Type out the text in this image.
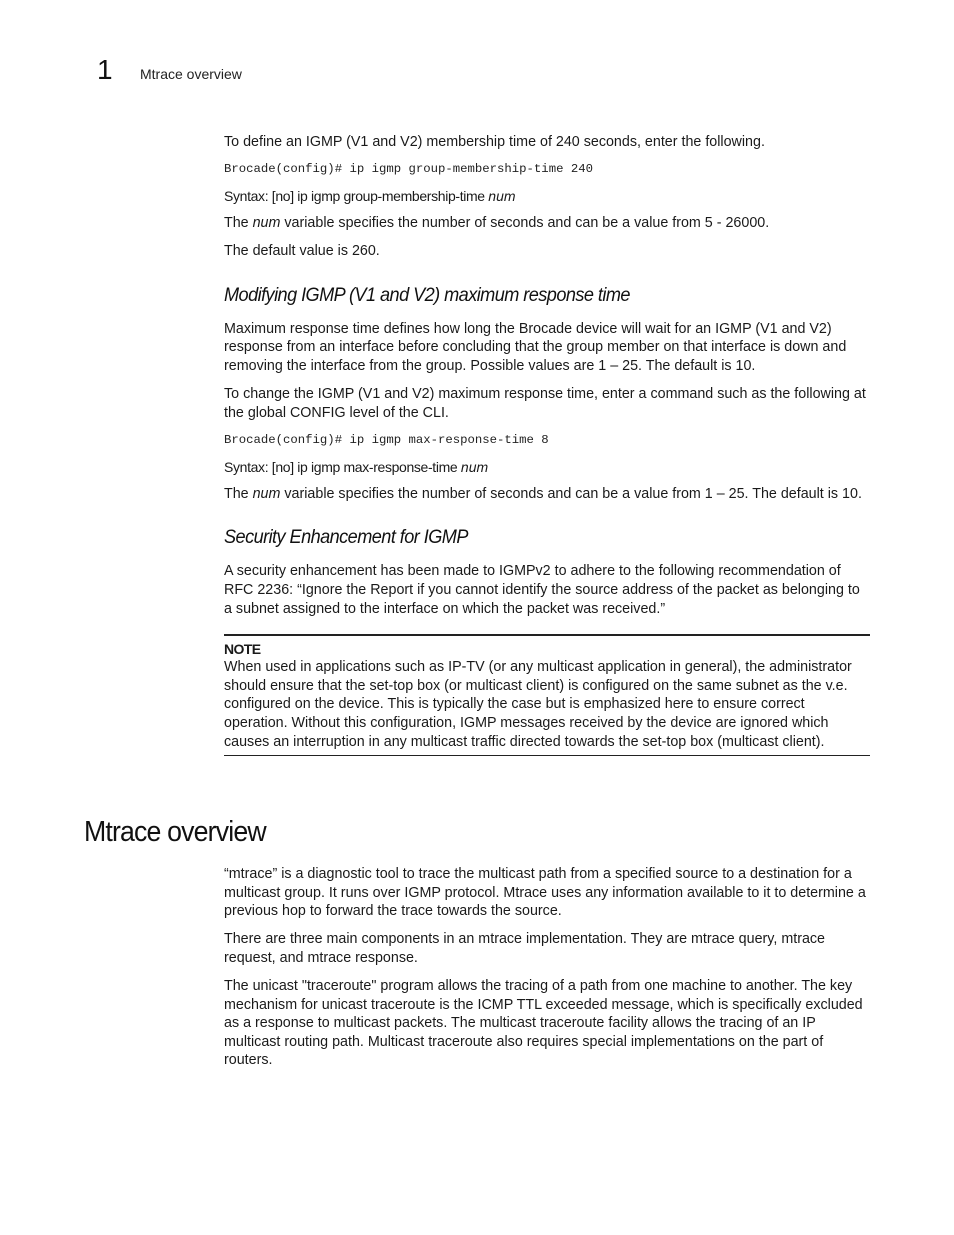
1 Mtrace overview

To define an IGMP (V1 and V2) membership time of 240 seconds, enter the following.

Brocade(config)# ip igmp group-membership-time 240
Syntax: [no] ip igmp group-membership-time num

The num variable specifies the number of seconds and can be a value from 5 - 26000.

The default value is 260.

Modifying IGMP (V1 and V2) maximum response time

Maximum response time defines how long the Brocade device will wait for an IGMP (V1 and V2) response from an interface before concluding that the group member on that interface is down and removing the interface from the group. Possible values are 1 – 25. The default is 10.

To change the IGMP (V1 and V2) maximum response time, enter a command such as the following at the global CONFIG level of the CLI.

Brocade(config)# ip igmp max-response-time 8
Syntax: [no] ip igmp max-response-time num

The num variable specifies the number of seconds and can be a value from 1 – 25. The default is 10.

Security Enhancement for IGMP

A security enhancement has been made to IGMPv2 to adhere to the following recommendation of RFC 2236: “Ignore the Report if you cannot identify the source address of the packet as belonging to a subnet assigned to the interface on which the packet was received.”

NOTE

When used in applications such as IP-TV (or any multicast application in general), the administrator should ensure that the set-top box (or multicast client) is configured on the same subnet as the v.e. configured on the device. This is typically the case but is emphasized here to ensure correct operation. Without this configuration, IGMP messages received by the device are ignored which causes an interruption in any multicast traffic directed towards the set-top box (multicast client).

Mtrace overview

“mtrace” is a diagnostic tool to trace the multicast path from a specified source to a destination for a multicast group. It runs over IGMP protocol. Mtrace uses any information available to it to determine a previous hop to forward the trace towards the source.

There are three main components in an mtrace implementation. They are mtrace query, mtrace request, and mtrace response.

The unicast "traceroute" program allows the tracing of a path from one machine to another. The key mechanism for unicast traceroute is the ICMP TTL exceeded message, which is specifically excluded as a response to multicast packets. The multicast traceroute facility allows the tracing of an IP multicast routing path. Multicast traceroute also requires special implementations on the part of routers.
